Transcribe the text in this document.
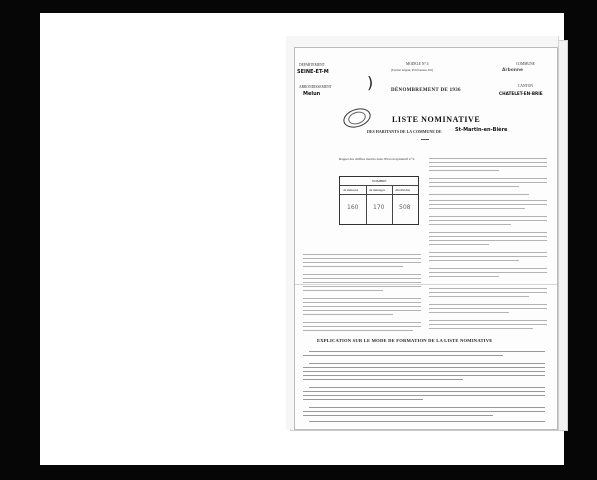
DEPARTEMENT
SEINE-ET-M
ARRONDISSEMENT
Melun
MODELE N° 4
(Format largeur, Pl.6 hauteur, P.6)
)	DÉNOMBREMENT DE 1936
COMMUNE
Arbonne
CANTON
CHATELET-EN-BRIE
LISTE NOMINATIVE
DES HABITANTS DE LA COMMUNE DE	St-Martin-en-Bière
Rappel des chiffres inscrits dans l'Etat récapitulatif n° 6
NOMBRE
de maisons	de ménages	d'individus
160 170 508
EXPLICATION SUR LE MODE DE FORMATION DE LA LISTE NOMINATIVE
